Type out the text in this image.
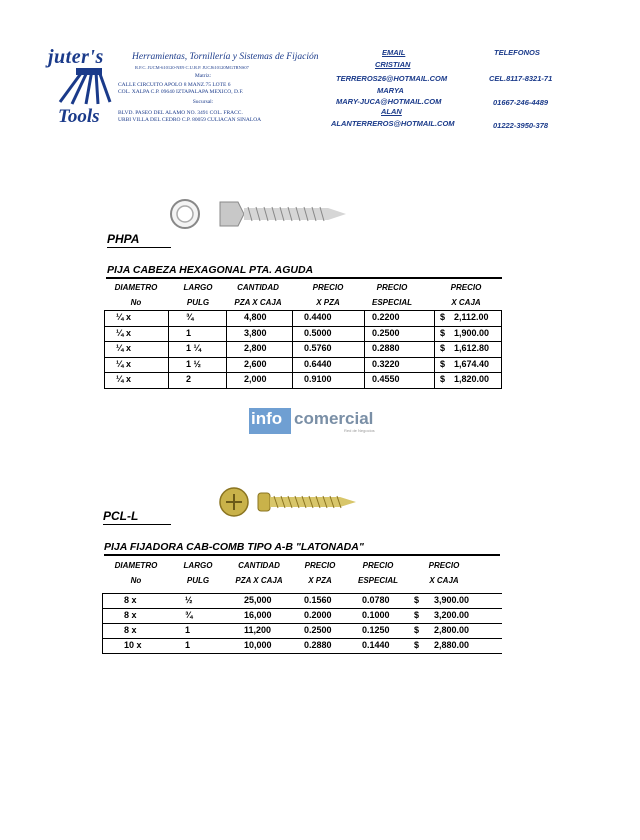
juter's
Tools
Herramientas, Tornillería y Sistemas de Fijación
R.F.C. JUCM-610120-NE9 C.U.R.P. JUCJ610120MGTRNS07
Matriz:
CALLE CIRCUITO APOLO 8 MANZ.75 LOTE 6
COL. XALPA C.P. 09640 IZTAPALAPA MEXICO, D.F.
Sucursal:
BLVD. PASEO DEL ALAMO NO. 3491 COL. FRACC.
URBI VILLA DEL CEDRO C.P. 80059 CULIACAN SINALOA
EMAIL
CRISTIAN
TERREROS26@HOTMAIL.COM
MARYA
MARY-JUCA@HOTMAIL.COM
ALAN
ALANTERREROS@HOTMAIL.COM
TELEFONOS
CEL.8117-8321-71
01667-246-4489
01222-3950-378
PHPA
PIJA CABEZA HEXAGONAL PTA. AGUDA
DIAMETRO	LARGO	CANTIDAD	PRECIO	PRECIO	PRECIO
No	PULG	PZA X CAJA	X PZA	ESPECIAL	X CAJA
¼ x	¾	4,800	0.4400	0.2200	$ 2,112.00
¼ x	1	3,800	0.5000	0.2500	$ 1,900.00
¼ x	1 ¼	2,800	0.5760	0.2880	$ 1,612.80
¼ x	1 ½	2,600	0.6440	0.3220	$ 1,674.40
¼ x	2	2,000	0.9100	0.4550	$ 1,820.00
info comercial
Red de Negocios
PCL-L
PIJA FIJADORA CAB-COMB TIPO A-B "LATONADA"
DIAMETRO	LARGO	CANTIDAD	PRECIO	PRECIO	PRECIO
No	PULG	PZA X CAJA	X PZA	ESPECIAL	X CAJA
8 x	½	25,000	0.1560	0.0780	$ 3,900.00
8 x	¾	16,000	0.2000	0.1000	$ 3,200.00
8 x	1	11,200	0.2500	0.1250	$ 2,800.00
10 x	1	10,000	0.2880	0.1440	$ 2,880.00
